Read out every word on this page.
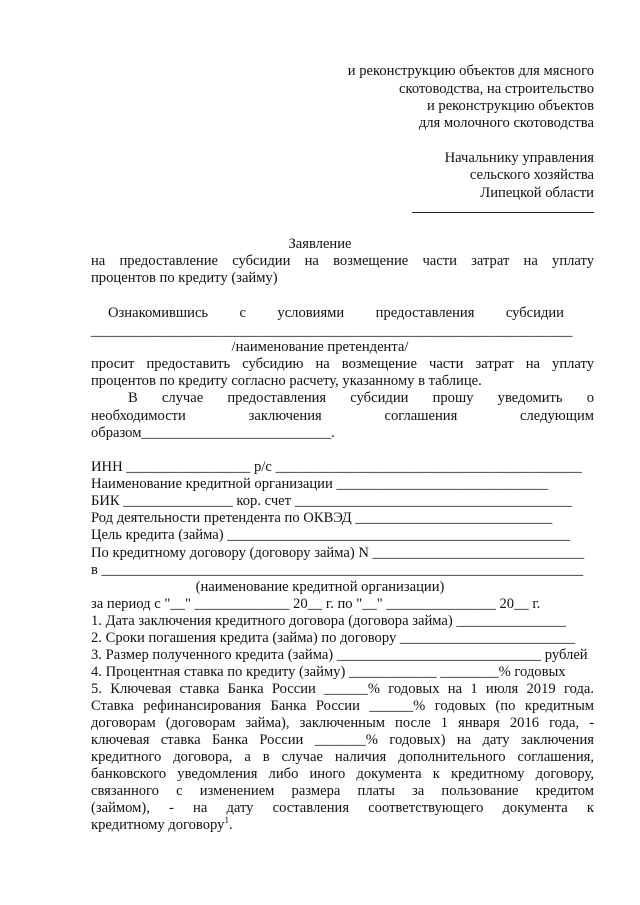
и реконструкцию объектов для мясного
скотоводства, на строительство
и реконструкцию объектов
для молочного скотоводства
Начальнику управления
сельского хозяйства
Липецкой области
Заявление
на предоставление субсидии на возмещение части затрат на уплату
процентов по кредиту (займу)
Ознакомившись с условиями предоставления субсидии
__________________________________________________________________
/наименование претендента/
просит предоставить субсидию на возмещение части затрат на уплату
процентов по кредиту согласно расчету, указанному в таблице.
В случае предоставления субсидии прошу уведомить о
необходимости заключения соглашения следующим
образом__________________________.
ИНН _________________ р/с __________________________________________
Наименование кредитной организации _____________________________
БИК _______________ кор. счет ______________________________________
Род деятельности претендента по ОКВЭД ___________________________
Цель кредита (займа) _______________________________________________
По кредитному договору (договору займа) N _____________________________
в __________________________________________________________________
(наименование кредитной организации)
за период с "__" _____________ 20__ г. по "__" _______________ 20__ г.
1. Дата заключения кредитного договора (договора займа) _______________
2. Сроки погашения кредита (займа) по договору ________________________
3. Размер полученного кредита (займа) ____________________________ рублей
4. Процентная ставка по кредиту (займу) ____________ ________% годовых
5. Ключевая ставка Банка России ______% годовых на 1 июля 2019 года.
Ставка рефинансирования Банка России ______% годовых (по кредитным
договорам (договорам займа), заключенным после 1 января 2016 года, -
ключевая ставка Банка России _______% годовых) на дату заключения
кредитного договора, а в случае наличия дополнительного соглашения,
банковского уведомления либо иного документа к кредитному договору,
связанного с изменением размера платы за пользование кредитом
(займом), - на дату составления соответствующего документа к
кредитному договору$^1$.
